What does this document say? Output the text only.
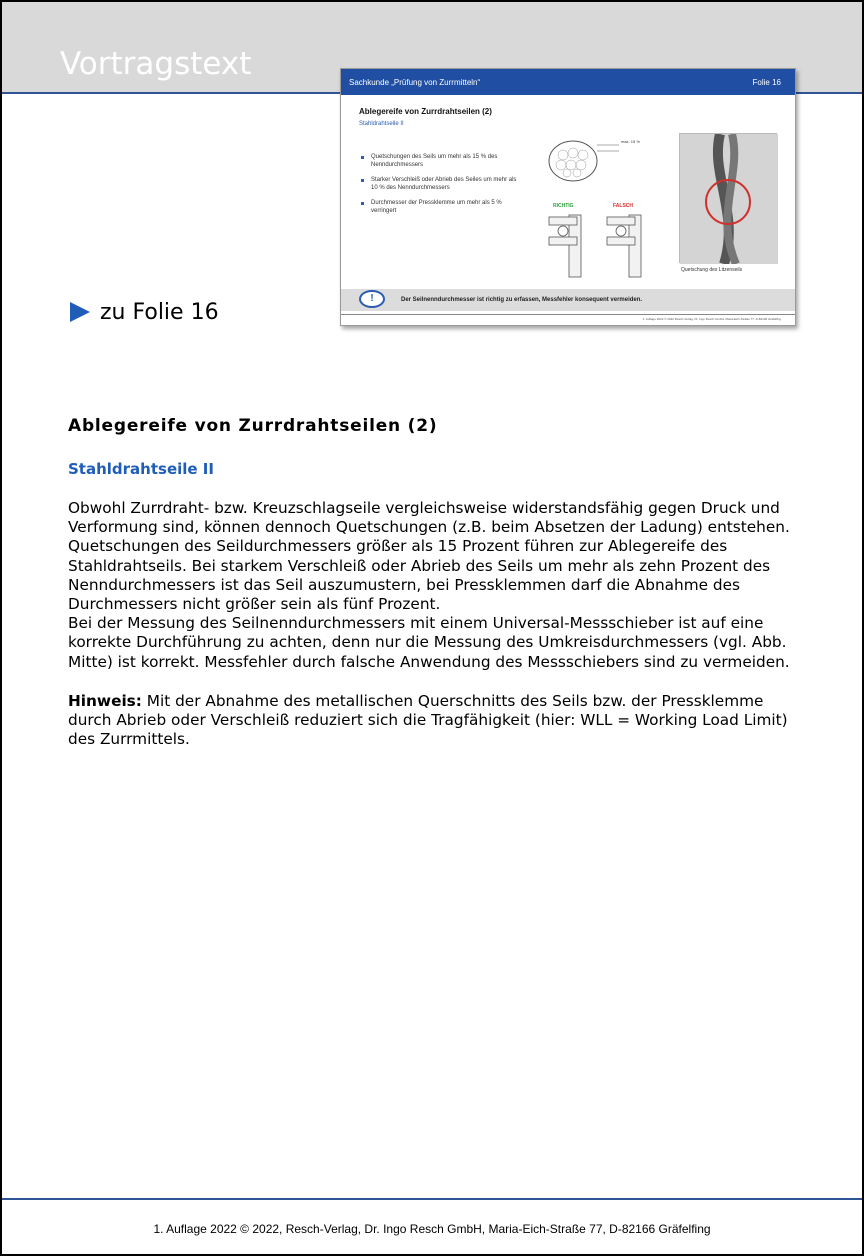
Vortragstext
Sachkunde „Prüfung von Zurrmitteln“	Folie 16
Ablegereife von Zurrdrahtseilen (2)
Stahldrahtseile II
Quetschungen des Seils um mehr als 15 % des Nenndurchmessers
Starker Verschleiß oder Abrieb des Seiles um mehr als 10 % des Nenndurchmessers
Durchmesser der Pressklemme um mehr als 5 % verringert
max. 15 %
RICHTIG	FALSCH
Quetschung des Litzenseils
!	Der Seilnenndurchmesser ist richtig zu erfassen, Messfehler konsequent vermeiden.
1. Auflage 2022 © 2022 Resch-Verlag, Dr. Ingo Resch GmbH, Maria-Eich-Straße 77, D-82166 Gräfelfing
zu Folie 16
Ablegereife von Zurrdrahtseilen (2)
Stahldrahtseile II

Obwohl Zurrdraht- bzw. Kreuzschlagseile vergleichsweise widerstandsfähig gegen Druck und Verformung sind, können dennoch Quetschungen (z.B. beim Absetzen der Ladung) entstehen. Quetschungen des Seildurchmessers größer als 15 Prozent führen zur Ablegereife des Stahldrahtseils. Bei starkem Verschleiß oder Abrieb des Seils um mehr als zehn Prozent des Nenndurchmessers ist das Seil auszumustern, bei Pressklemmen darf die Abnahme des Durchmessers nicht größer sein als fünf Prozent.

Bei der Messung des Seilnenndurchmessers mit einem Universal-Messschieber ist auf eine korrekte Durchführung zu achten, denn nur die Messung des Umkreisdurchmessers (vgl. Abb. Mitte) ist korrekt. Messfehler durch falsche Anwendung des Messschiebers sind zu vermeiden.

Hinweis: Mit der Abnahme des metallischen Querschnitts des Seils bzw. der Pressklemme durch Abrieb oder Verschleiß reduziert sich die Tragfähigkeit (hier: WLL = Working Load Limit) des Zurrmittels.

1. Auflage 2022 © 2022, Resch-Verlag, Dr. Ingo Resch GmbH, Maria-Eich-Straße 77, D-82166 Gräfelfing
